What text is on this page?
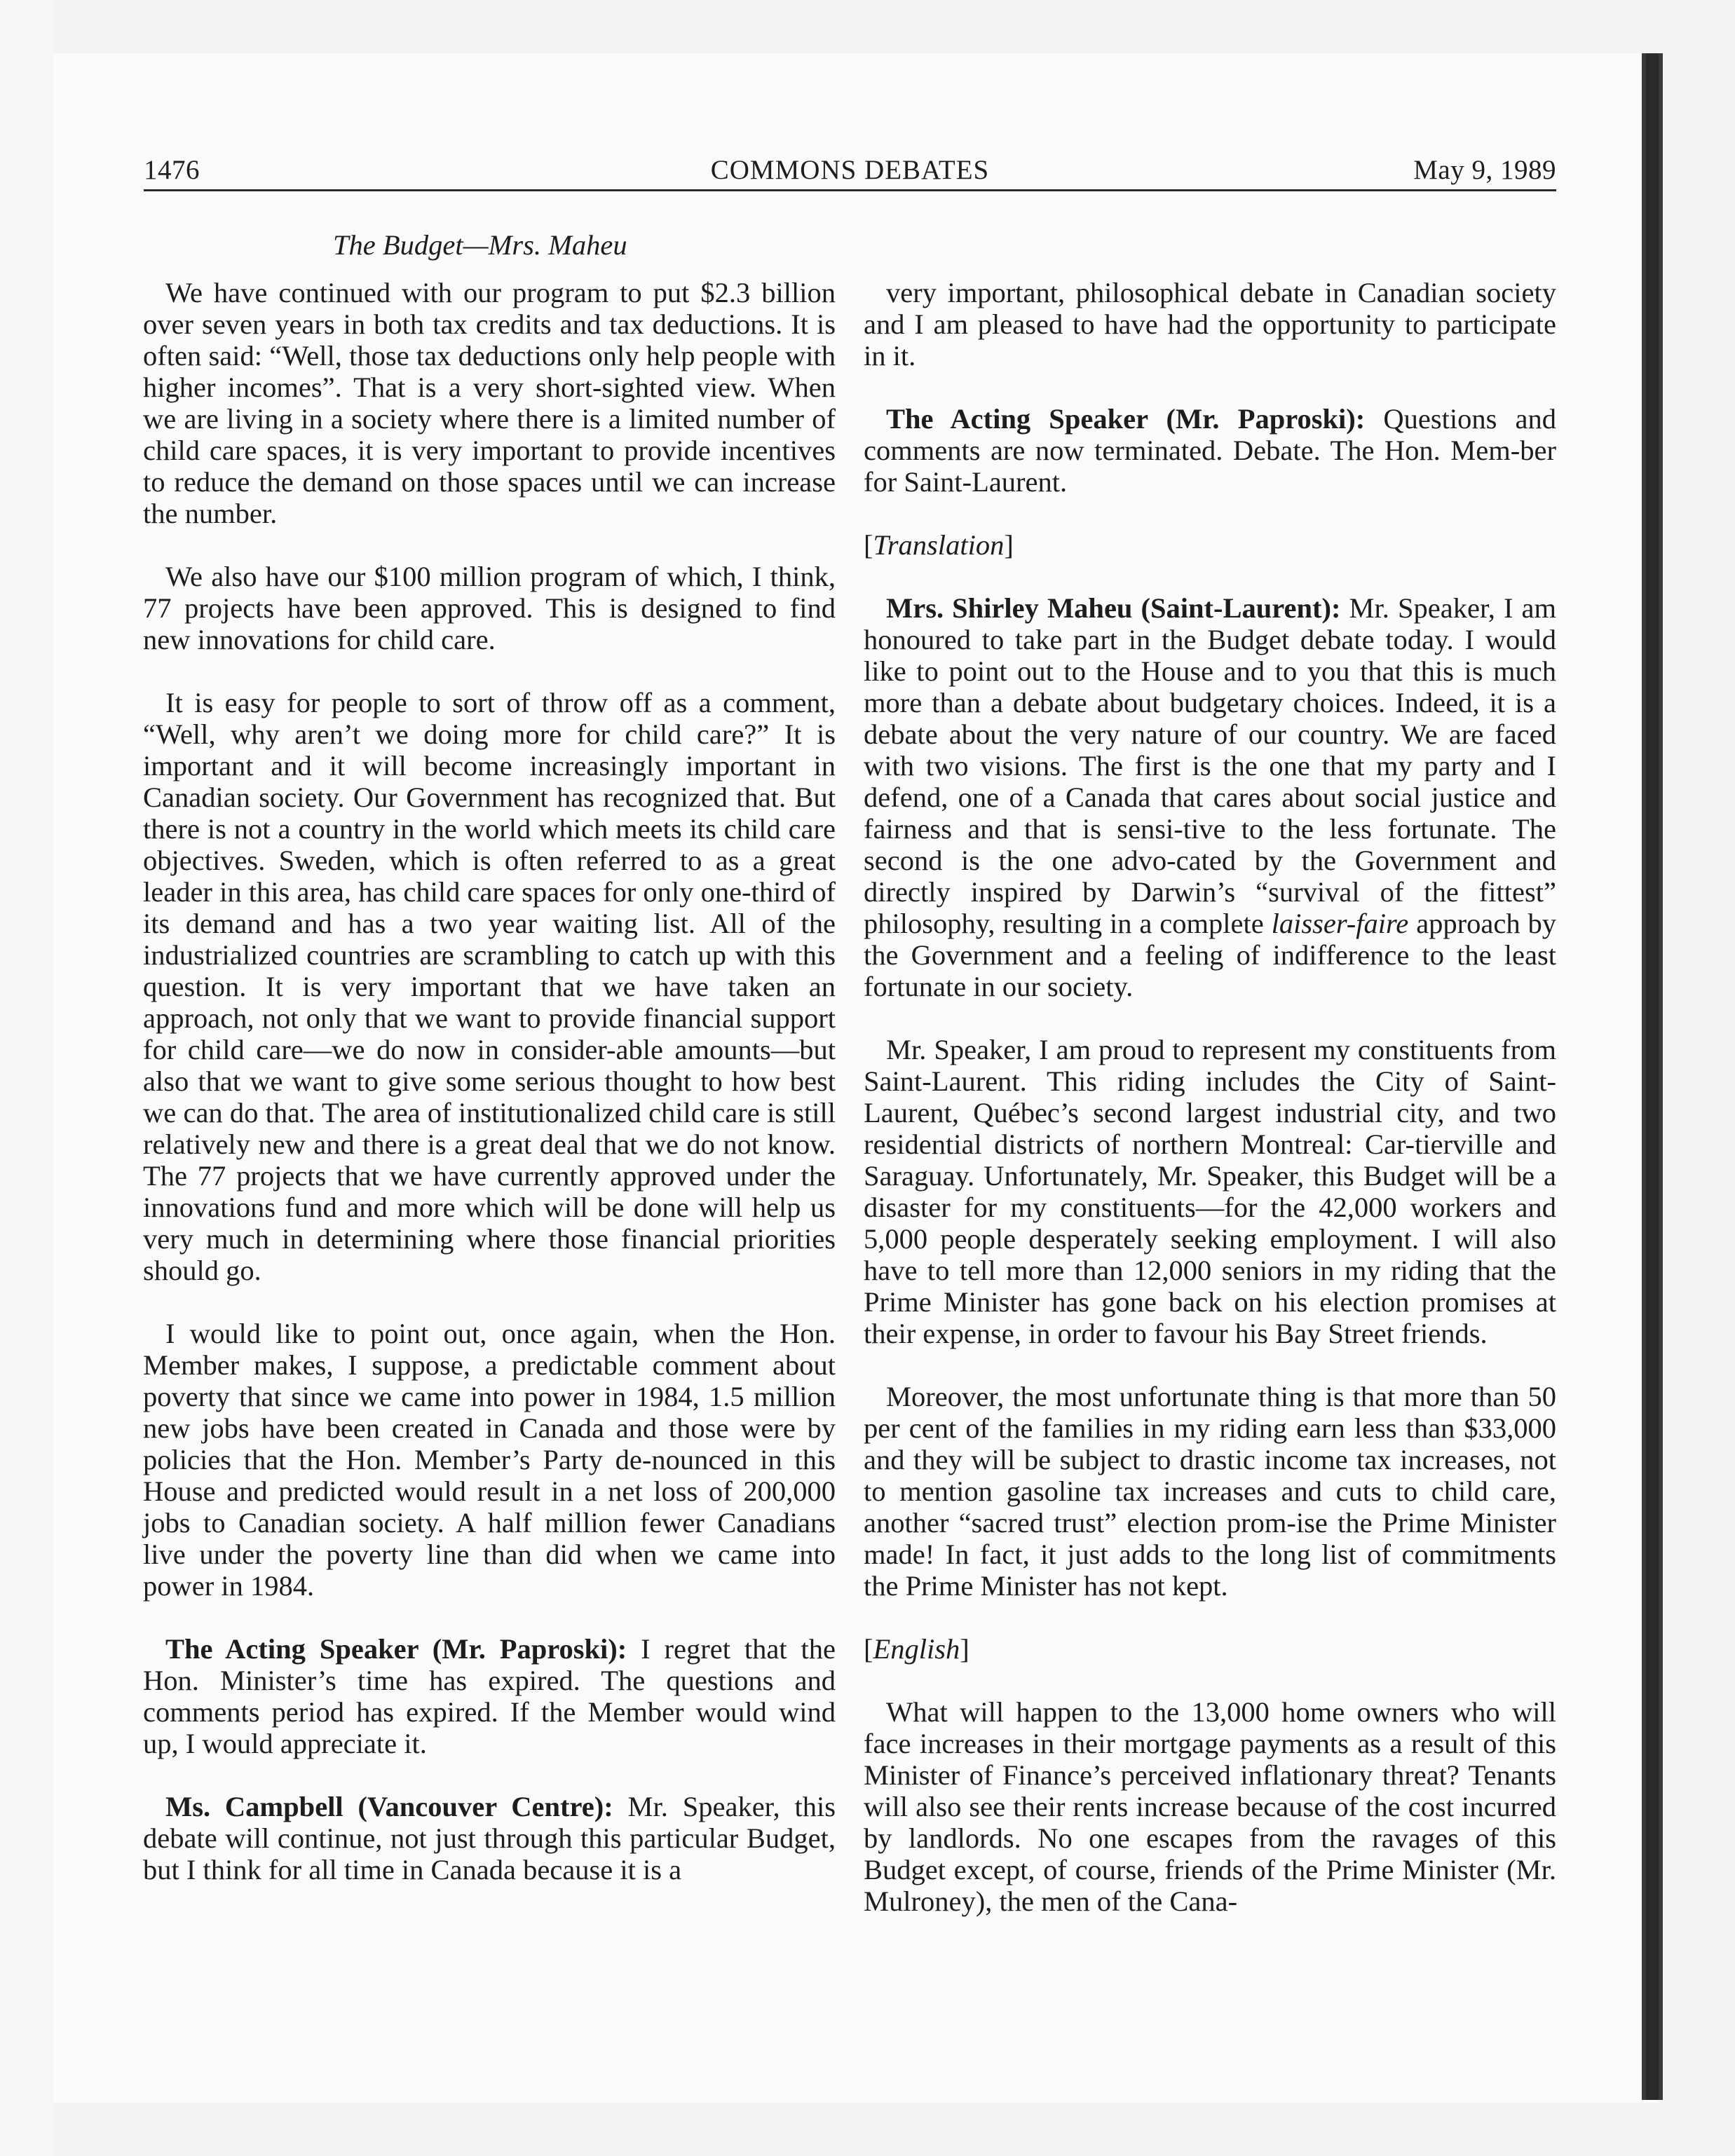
1476	COMMONS DEBATES	May 9, 1989
The Budget—Mrs. Maheu

We have continued with our program to put $2.3 billion over seven years in both tax credits and tax deductions. It is often said: “Well, those tax deductions only help people with higher incomes”. That is a very short-sighted view. When we are living in a society where there is a limited number of child care spaces, it is very important to provide incentives to reduce the demand on those spaces until we can increase the number.

We also have our $100 million program of which, I think, 77 projects have been approved. This is designed to find new innovations for child care.

It is easy for people to sort of throw off as a comment, “Well, why aren’t we doing more for child care?” It is important and it will become increasingly important in Canadian society. Our Government has recognized that. But there is not a country in the world which meets its child care objectives. Sweden, which is often referred to as a great leader in this area, has child care spaces for only one-third of its demand and has a two year waiting list. All of the industrialized countries are scrambling to catch up with this question. It is very important that we have taken an approach, not only that we want to provide financial support for child care—we do now in consider-able amounts—but also that we want to give some serious thought to how best we can do that. The area of institutionalized child care is still relatively new and there is a great deal that we do not know. The 77 projects that we have currently approved under the innovations fund and more which will be done will help us very much in determining where those financial priorities should go.

I would like to point out, once again, when the Hon. Member makes, I suppose, a predictable comment about poverty that since we came into power in 1984, 1.5 million new jobs have been created in Canada and those were by policies that the Hon. Member’s Party de-nounced in this House and predicted would result in a net loss of 200,000 jobs to Canadian society. A half million fewer Canadians live under the poverty line than did when we came into power in 1984.

The Acting Speaker (Mr. Paproski): I regret that the Hon. Minister’s time has expired. The questions and comments period has expired. If the Member would wind up, I would appreciate it.

Ms. Campbell (Vancouver Centre): Mr. Speaker, this debate will continue, not just through this particular Budget, but I think for all time in Canada because it is a

very important, philosophical debate in Canadian society and I am pleased to have had the opportunity to participate in it.

The Acting Speaker (Mr. Paproski): Questions and comments are now terminated. Debate. The Hon. Mem-ber for Saint-Laurent.

[Translation]

Mrs. Shirley Maheu (Saint-Laurent): Mr. Speaker, I am honoured to take part in the Budget debate today. I would like to point out to the House and to you that this is much more than a debate about budgetary choices. Indeed, it is a debate about the very nature of our country. We are faced with two visions. The first is the one that my party and I defend, one of a Canada that cares about social justice and fairness and that is sensi-tive to the less fortunate. The second is the one advo-cated by the Government and directly inspired by Darwin’s “survival of the fittest” philosophy, resulting in a complete laisser-faire approach by the Government and a feeling of indifference to the least fortunate in our society.

Mr. Speaker, I am proud to represent my constituents from Saint-Laurent. This riding includes the City of Saint-Laurent, Québec’s second largest industrial city, and two residential districts of northern Montreal: Car-tierville and Saraguay. Unfortunately, Mr. Speaker, this Budget will be a disaster for my constituents—for the 42,000 workers and 5,000 people desperately seeking employment. I will also have to tell more than 12,000 seniors in my riding that the Prime Minister has gone back on his election promises at their expense, in order to favour his Bay Street friends.

Moreover, the most unfortunate thing is that more than 50 per cent of the families in my riding earn less than $33,000 and they will be subject to drastic income tax increases, not to mention gasoline tax increases and cuts to child care, another “sacred trust” election prom-ise the Prime Minister made! In fact, it just adds to the long list of commitments the Prime Minister has not kept.

[English]

What will happen to the 13,000 home owners who will face increases in their mortgage payments as a result of this Minister of Finance’s perceived inflationary threat? Tenants will also see their rents increase because of the cost incurred by landlords. No one escapes from the ravages of this Budget except, of course, friends of the Prime Minister (Mr. Mulroney), the men of the Cana-
